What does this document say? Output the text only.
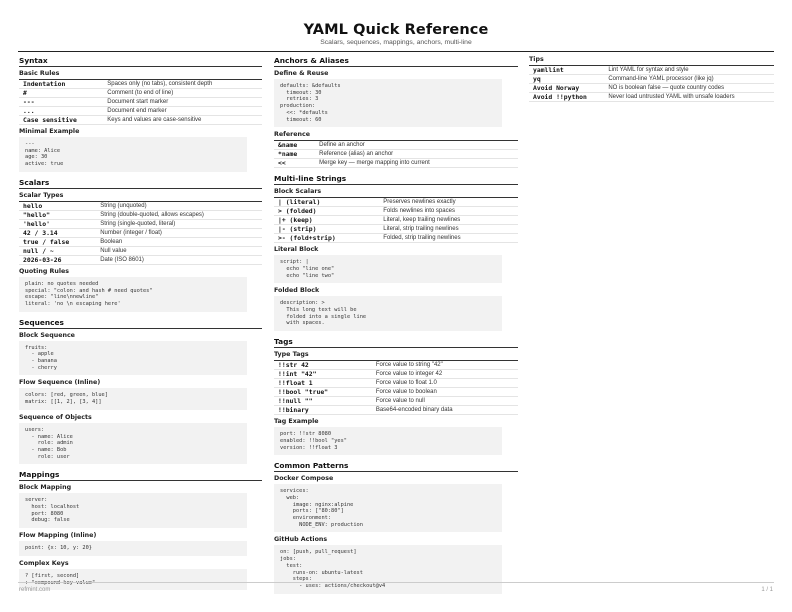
YAML Quick Reference
Scalars, sequences, mappings, anchors, multi-line
Syntax
Basic Rules
Indentation	Spaces only (no tabs), consistent depth
#	Comment (to end of line)
---	Document start marker
...	Document end marker
Case sensitive	Keys and values are case-sensitive
Minimal Example
---
name: Alice
age: 30
active: true
Scalars
Scalar Types
hello	String (unquoted)
"hello"	String (double-quoted, allows escapes)
'hello'	String (single-quoted, literal)
42 / 3.14	Number (integer / float)
true / false	Boolean
null / ~	Null value
2026-03-26	Date (ISO 8601)
Quoting Rules
plain: no quotes needed
special: "colon: and hash # need quotes"
escape: "line\nnewline"
literal: 'no \n escaping here'
Sequences
Block Sequence
fruits:
- apple
- banana
- cherry
Flow Sequence (Inline)
colors: [red, green, blue]
matrix: [[1, 2], [3, 4]]
Sequence of Objects
users:
- name: Alice
role: admin
- name: Bob
role: user
Mappings
Block Mapping
server:
host: localhost
port: 8080
debug: false
Flow Mapping (Inline)
point: {x: 10, y: 20}
Complex Keys
? [first, second]
: "compound key value"
Anchors & Aliases
Define & Reuse
defaults: &defaults
timeout: 30
retries: 3
production:
<<: *defaults
timeout: 60
Reference
&name	Define an anchor
*name	Reference (alias) an anchor
<<	Merge key — merge mapping into current
Multi-line Strings
Block Scalars
| (literal)	Preserves newlines exactly
> (folded)	Folds newlines into spaces
|+ (keep)	Literal, keep trailing newlines
|- (strip)	Literal, strip trailing newlines
>- (fold+strip)	Folded, strip trailing newlines
Literal Block
script: |
echo "line one"
echo "line two"
Folded Block
description: >
This long text will be
folded into a single line
with spaces.
Tags
Type Tags
!!str 42	Force value to string "42"
!!int "42"	Force value to integer 42
!!float 1	Force value to float 1.0
!!bool "true"	Force value to boolean
!!null ""	Force value to null
!!binary	Base64-encoded binary data
Tag Example
port: !!str 8080
enabled: !!bool "yes"
version: !!float 3
Common Patterns
Docker Compose
services:
web:
image: nginx:alpine
ports: ["80:80"]
environment:
NODE_ENV: production
GitHub Actions
on: [push, pull_request]
jobs:
test:
runs-on: ubuntu-latest
steps:
- uses: actions/checkout@v4
Tips
yamllint	Lint YAML for syntax and style
yq	Command-line YAML processor (like jq)
Avoid Norway	NO is boolean false — quote country codes
Avoid !!python	Never load untrusted YAML with unsafe loaders
refmint.com	1 / 1
